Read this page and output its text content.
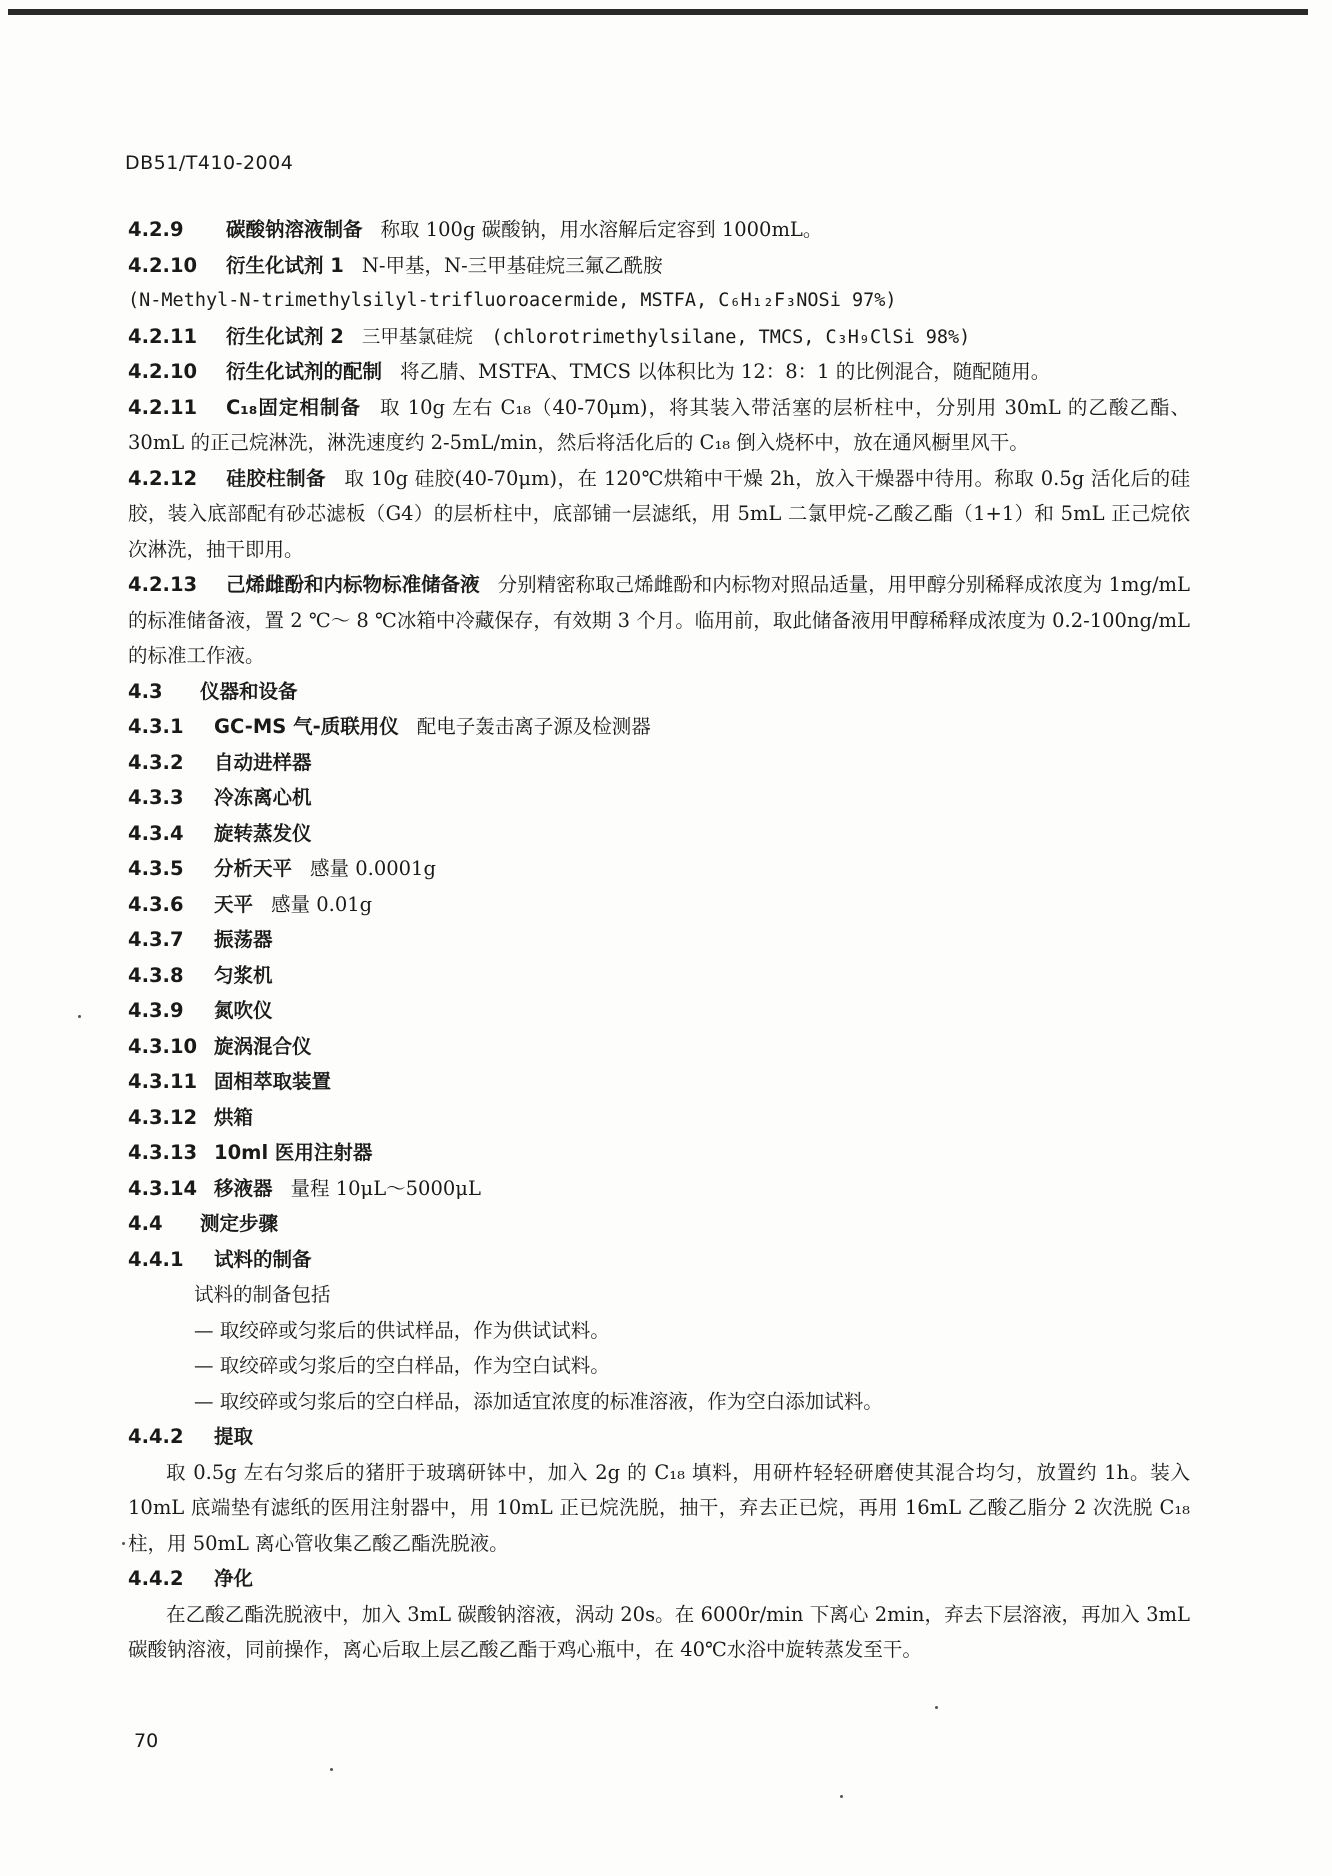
DB51/T410-2004
4.2.9 碳酸钠溶液制备 称取 100g 碳酸钠，用水溶解后定容到 1000mL。
4.2.10 衍生化试剂 1 N-甲基，N-三甲基硅烷三氟乙酰胺
(N-Methyl-N-trimethylsilyl-trifluoroacermide, MSTFA, C₆H₁₂F₃NOSi 97%)
4.2.11 衍生化试剂 2 三甲基氯硅烷　(chlorotrimethylsilane, TMCS, C₃H₉ClSi 98%)
4.2.10 衍生化试剂的配制 将乙腈、MSTFA、TMCS 以体积比为 12：8：1 的比例混合，随配随用。
4.2.11 C₁₈固定相制备 取 10g 左右 C₁₈（40-70μm)，将其装入带活塞的层析柱中，分别用 30mL 的乙酸乙酯、30mL 的正己烷淋洗，淋洗速度约 2-5mL/min，然后将活化后的 C₁₈ 倒入烧杯中，放在通风橱里风干。
4.2.12 硅胶柱制备 取 10g 硅胶(40-70μm)，在 120℃烘箱中干燥 2h，放入干燥器中待用。称取 0.5g 活化后的硅胶，装入底部配有砂芯滤板（G4）的层析柱中，底部铺一层滤纸，用 5mL 二氯甲烷-乙酸乙酯（1+1）和 5mL 正己烷依次淋洗，抽干即用。
4.2.13 己烯雌酚和内标物标准储备液 分别精密称取己烯雌酚和内标物对照品适量，用甲醇分别稀释成浓度为 1mg/mL 的标准储备液，置 2 ℃～ 8 ℃冰箱中冷藏保存，有效期 3 个月。临用前，取此储备液用甲醇稀释成浓度为 0.2-100ng/mL 的标准工作液。
4.3 仪器和设备
4.3.1 GC-MS 气-质联用仪 配电子轰击离子源及检测器
4.3.2 自动进样器
4.3.3 冷冻离心机
4.3.4 旋转蒸发仪
4.3.5 分析天平 感量 0.0001g
4.3.6 天平 感量 0.01g
4.3.7 振荡器
4.3.8 匀浆机
4.3.9 氮吹仪
4.3.10 旋涡混合仪
4.3.11 固相萃取装置
4.3.12 烘箱
4.3.13 10ml 医用注射器
4.3.14 移液器 量程 10μL～5000μL
4.4 测定步骤
4.4.1 试料的制备
试料的制备包括
— 取绞碎或匀浆后的供试样品，作为供试试料。
— 取绞碎或匀浆后的空白样品，作为空白试料。
— 取绞碎或匀浆后的空白样品，添加适宜浓度的标准溶液，作为空白添加试料。
4.4.2 提取
取 0.5g 左右匀浆后的猪肝于玻璃研钵中，加入 2g 的 C₁₈ 填料，用研杵轻轻研磨使其混合均匀，放置约 1h。装入 10mL 底端垫有滤纸的医用注射器中，用 10mL 正已烷洗脱，抽干，弃去正已烷，再用 16mL 乙酸乙脂分 2 次洗脱 C₁₈ 柱，用 50mL 离心管收集乙酸乙酯洗脱液。
4.4.2 净化
在乙酸乙酯洗脱液中，加入 3mL 碳酸钠溶液，涡动 20s。在 6000r/min 下离心 2min，弃去下层溶液，再加入 3mL 碳酸钠溶液，同前操作，离心后取上层乙酸乙酯于鸡心瓶中，在 40℃水浴中旋转蒸发至干。
70
